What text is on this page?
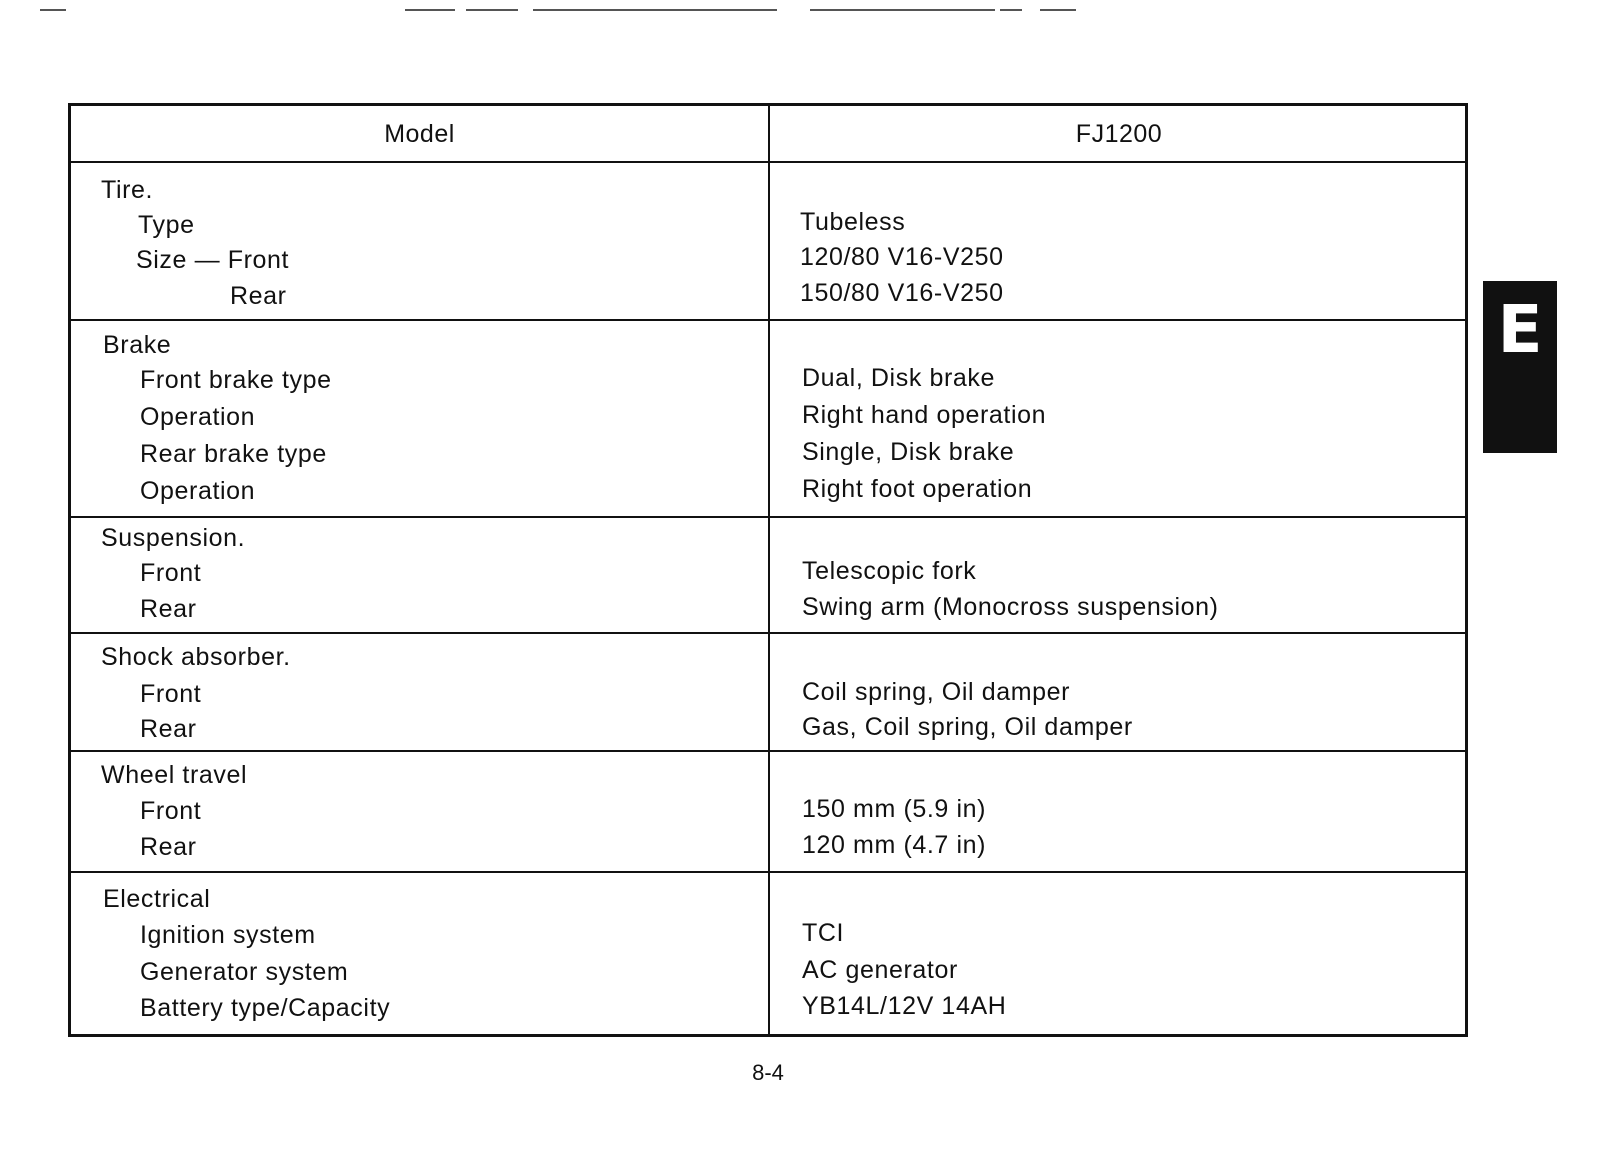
Model	FJ1200
Tire.
Type
Size — Front
Rear
Tubeless
120/80 V16-V250
150/80 V16-V250
Brake
Front brake type
Operation
Rear brake type
Operation
Dual, Disk brake
Right hand operation
Single, Disk brake
Right foot operation
Suspension.
Front
Rear
Telescopic fork
Swing arm (Monocross suspension)
Shock absorber.
Front
Rear
Coil spring, Oil damper
Gas, Coil spring, Oil damper
Wheel travel
Front
Rear
150 mm (5.9 in)
120 mm (4.7 in)
Electrical
Ignition system
Generator system
Battery type/Capacity
TCI
AC generator
YB14L/12V 14AH
E
8-4
